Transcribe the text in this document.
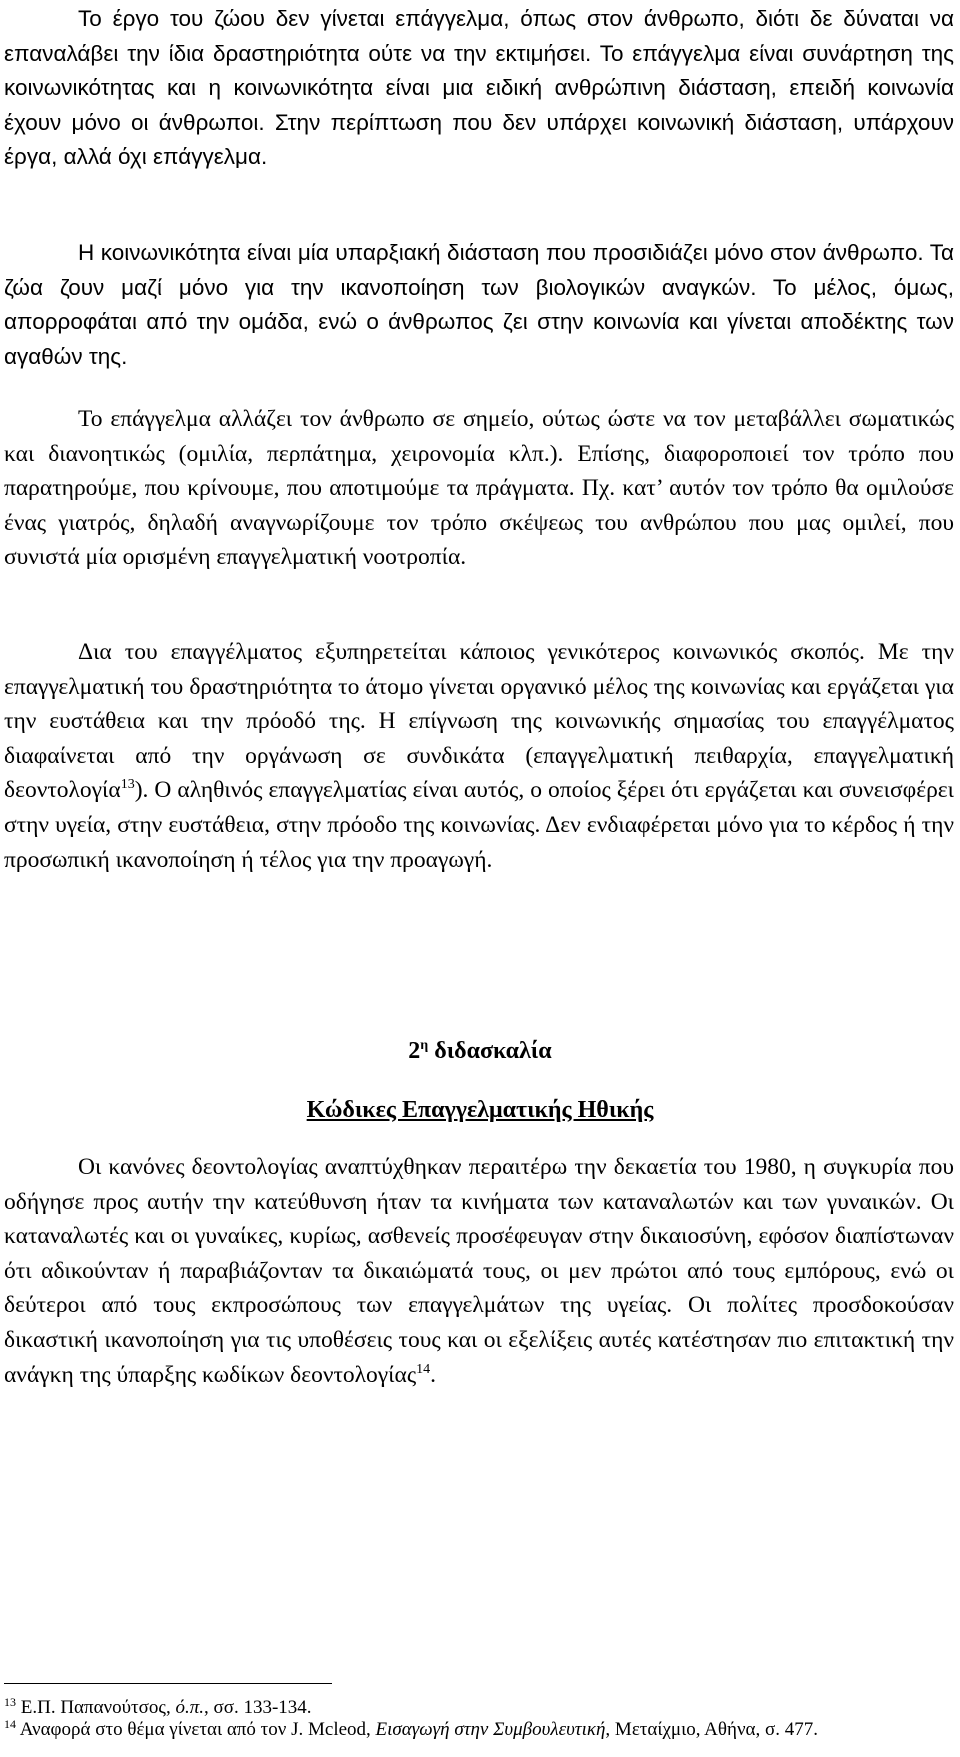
Το έργο του ζώου δεν γίνεται επάγγελμα, όπως στον άνθρωπο, διότι δε δύναται να επαναλάβει την ίδια δραστηριότητα ούτε να την εκτιμήσει. Το επάγγελμα είναι συνάρτηση της κοινωνικότητας και η κοινωνικότητα είναι μια ειδική ανθρώπινη διάσταση, επειδή κοινωνία έχουν μόνο οι άνθρωποι. Στην περίπτωση που δεν υπάρχει κοινωνική διάσταση, υπάρχουν έργα, αλλά όχι επάγγελμα.

Η κοινωνικότητα είναι μία υπαρξιακή διάσταση που προσιδιάζει μόνο στον άνθρωπο. Τα ζώα ζουν μαζί μόνο για την ικανοποίηση των βιολογικών αναγκών. Το μέλος, όμως, απορροφάται από την ομάδα, ενώ ο άνθρωπος ζει στην κοινωνία και γίνεται αποδέκτης των αγαθών της.

Το επάγγελμα αλλάζει τον άνθρωπο σε σημείο, ούτως ώστε να τον μεταβάλλει σωματικώς και διανοητικώς (ομιλία, περπάτημα, χειρονομία κλπ.). Επίσης, διαφοροποιεί τον τρόπο που παρατηρούμε, που κρίνουμε, που αποτιμούμε τα πράγματα. Πχ. κατ’ αυτόν τον τρόπο θα ομιλούσε ένας γιατρός, δηλαδή αναγνωρίζουμε τον τρόπο σκέψεως του ανθρώπου που μας ομιλεί, που συνιστά μία ορισμένη επαγγελματική νοοτροπία.

Δια του επαγγέλματος εξυπηρετείται κάποιος γενικότερος κοινωνικός σκοπός. Με την επαγγελματική του δραστηριότητα το άτομο γίνεται οργανικό μέλος της κοινωνίας και εργάζεται για την ευστάθεια και την πρόοδό της. Η επίγνωση της κοινωνικής σημασίας του επαγγέλματος διαφαίνεται από την οργάνωση σε συνδικάτα (επαγγελματική πειθαρχία, επαγγελματική δεοντολογία$^{13}$). Ο αληθινός επαγγελματίας είναι αυτός, ο οποίος ξέρει ότι εργάζεται και συνεισφέρει στην υγεία, στην ευστάθεια, στην πρόοδο της κοινωνίας. Δεν ενδιαφέρεται μόνο για το κέρδος ή την προσωπική ικανοποίηση ή τέλος για την προαγωγή.

$2^\eta$ διδασκαλία
Κώδικες Επαγγελματικής Ηθικής

Οι κανόνες δεοντολογίας αναπτύχθηκαν περαιτέρω την δεκαετία του 1980, η συγκυρία που οδήγησε προς αυτήν την κατεύθυνση ήταν τα κινήματα των καταναλωτών και των γυναικών. Οι καταναλωτές και οι γυναίκες, κυρίως, ασθενείς προσέφευγαν στην δικαιοσύνη, εφόσον διαπίστωναν ότι αδικούνταν ή παραβιάζονταν τα δικαιώματά τους, οι μεν πρώτοι από τους εμπόρους, ενώ οι δεύτεροι από τους εκπροσώπους των επαγγελμάτων της υγείας. Οι πολίτες προσδοκούσαν δικαστική ικανοποίηση για τις υποθέσεις τους και οι εξελίξεις αυτές κατέστησαν πιο επιτακτική την ανάγκη της ύπαρξης κωδίκων δεοντολογίας$^{14}$.

$^{13}$ Ε.Π. Παπανούτσος, ό.π., σσ. 133-134.

$^{14}$ Αναφορά στο θέμα γίνεται από τον J. Mcleod, Εισαγωγή στην Συμβουλευτική, Μεταίχμιο, Αθήνα, σ. 477.
